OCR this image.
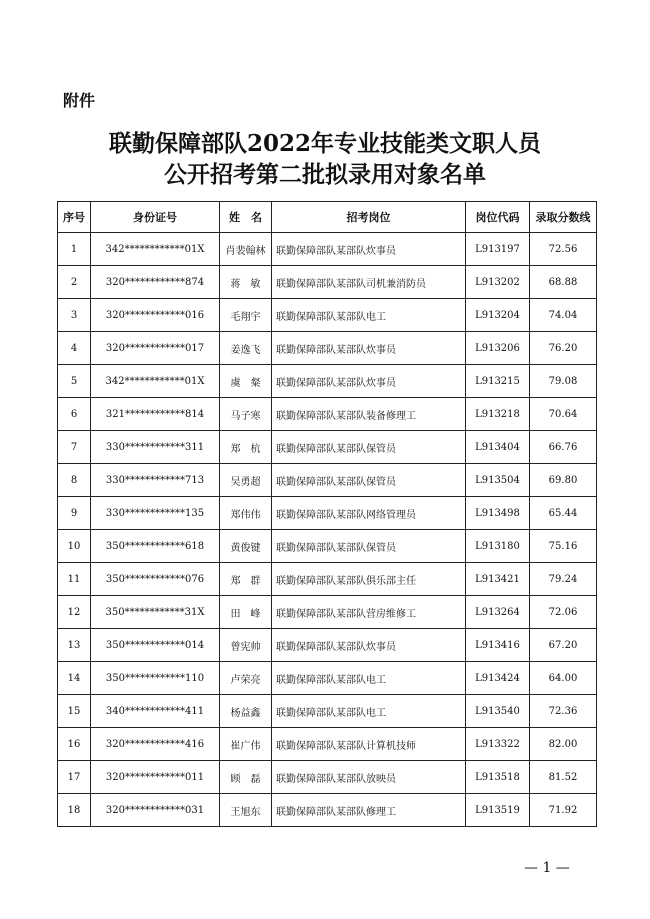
附件
联勤保障部队2022年专业技能类文职人员
公开招考第二批拟录用对象名单
序号	身份证号	姓　名	招考岗位	岗位代码	录取分数线
1	342************01X	肖裴翰林	联勤保障部队某部队炊事员	L913197	72.56
2	320************874	蒋　敏	联勤保障部队某部队司机兼消防员	L913202	68.88
3	320************016	毛翔宇	联勤保障部队某部队电工	L913204	74.04
4	320************017	姜逸飞	联勤保障部队某部队炊事员	L913206	76.20
5	342************01X	虞　粲	联勤保障部队某部队炊事员	L913215	79.08
6	321************814	马子寒	联勤保障部队某部队装备修理工	L913218	70.64
7	330************311	郑　杭	联勤保障部队某部队保管员	L913404	66.76
8	330************713	吴勇超	联勤保障部队某部队保管员	L913504	69.80
9	330************135	郑伟伟	联勤保障部队某部队网络管理员	L913498	65.44
10	350************618	黄俊键	联勤保障部队某部队保管员	L913180	75.16
11	350************076	郑　群	联勤保障部队某部队俱乐部主任	L913421	79.24
12	350************31X	田　峰	联勤保障部队某部队营房维修工	L913264	72.06
13	350************014	曾宪帅	联勤保障部队某部队炊事员	L913416	67.20
14	350************110	卢荣亮	联勤保障部队某部队电工	L913424	64.00
15	340************411	杨益鑫	联勤保障部队某部队电工	L913540	72.36
16	320************416	崔广伟	联勤保障部队某部队计算机技师	L913322	82.00
17	320************011	顾　磊	联勤保障部队某部队放映员	L913518	81.52
18	320************031	王旭东	联勤保障部队某部队修理工	L913519	71.92
— 1 —
